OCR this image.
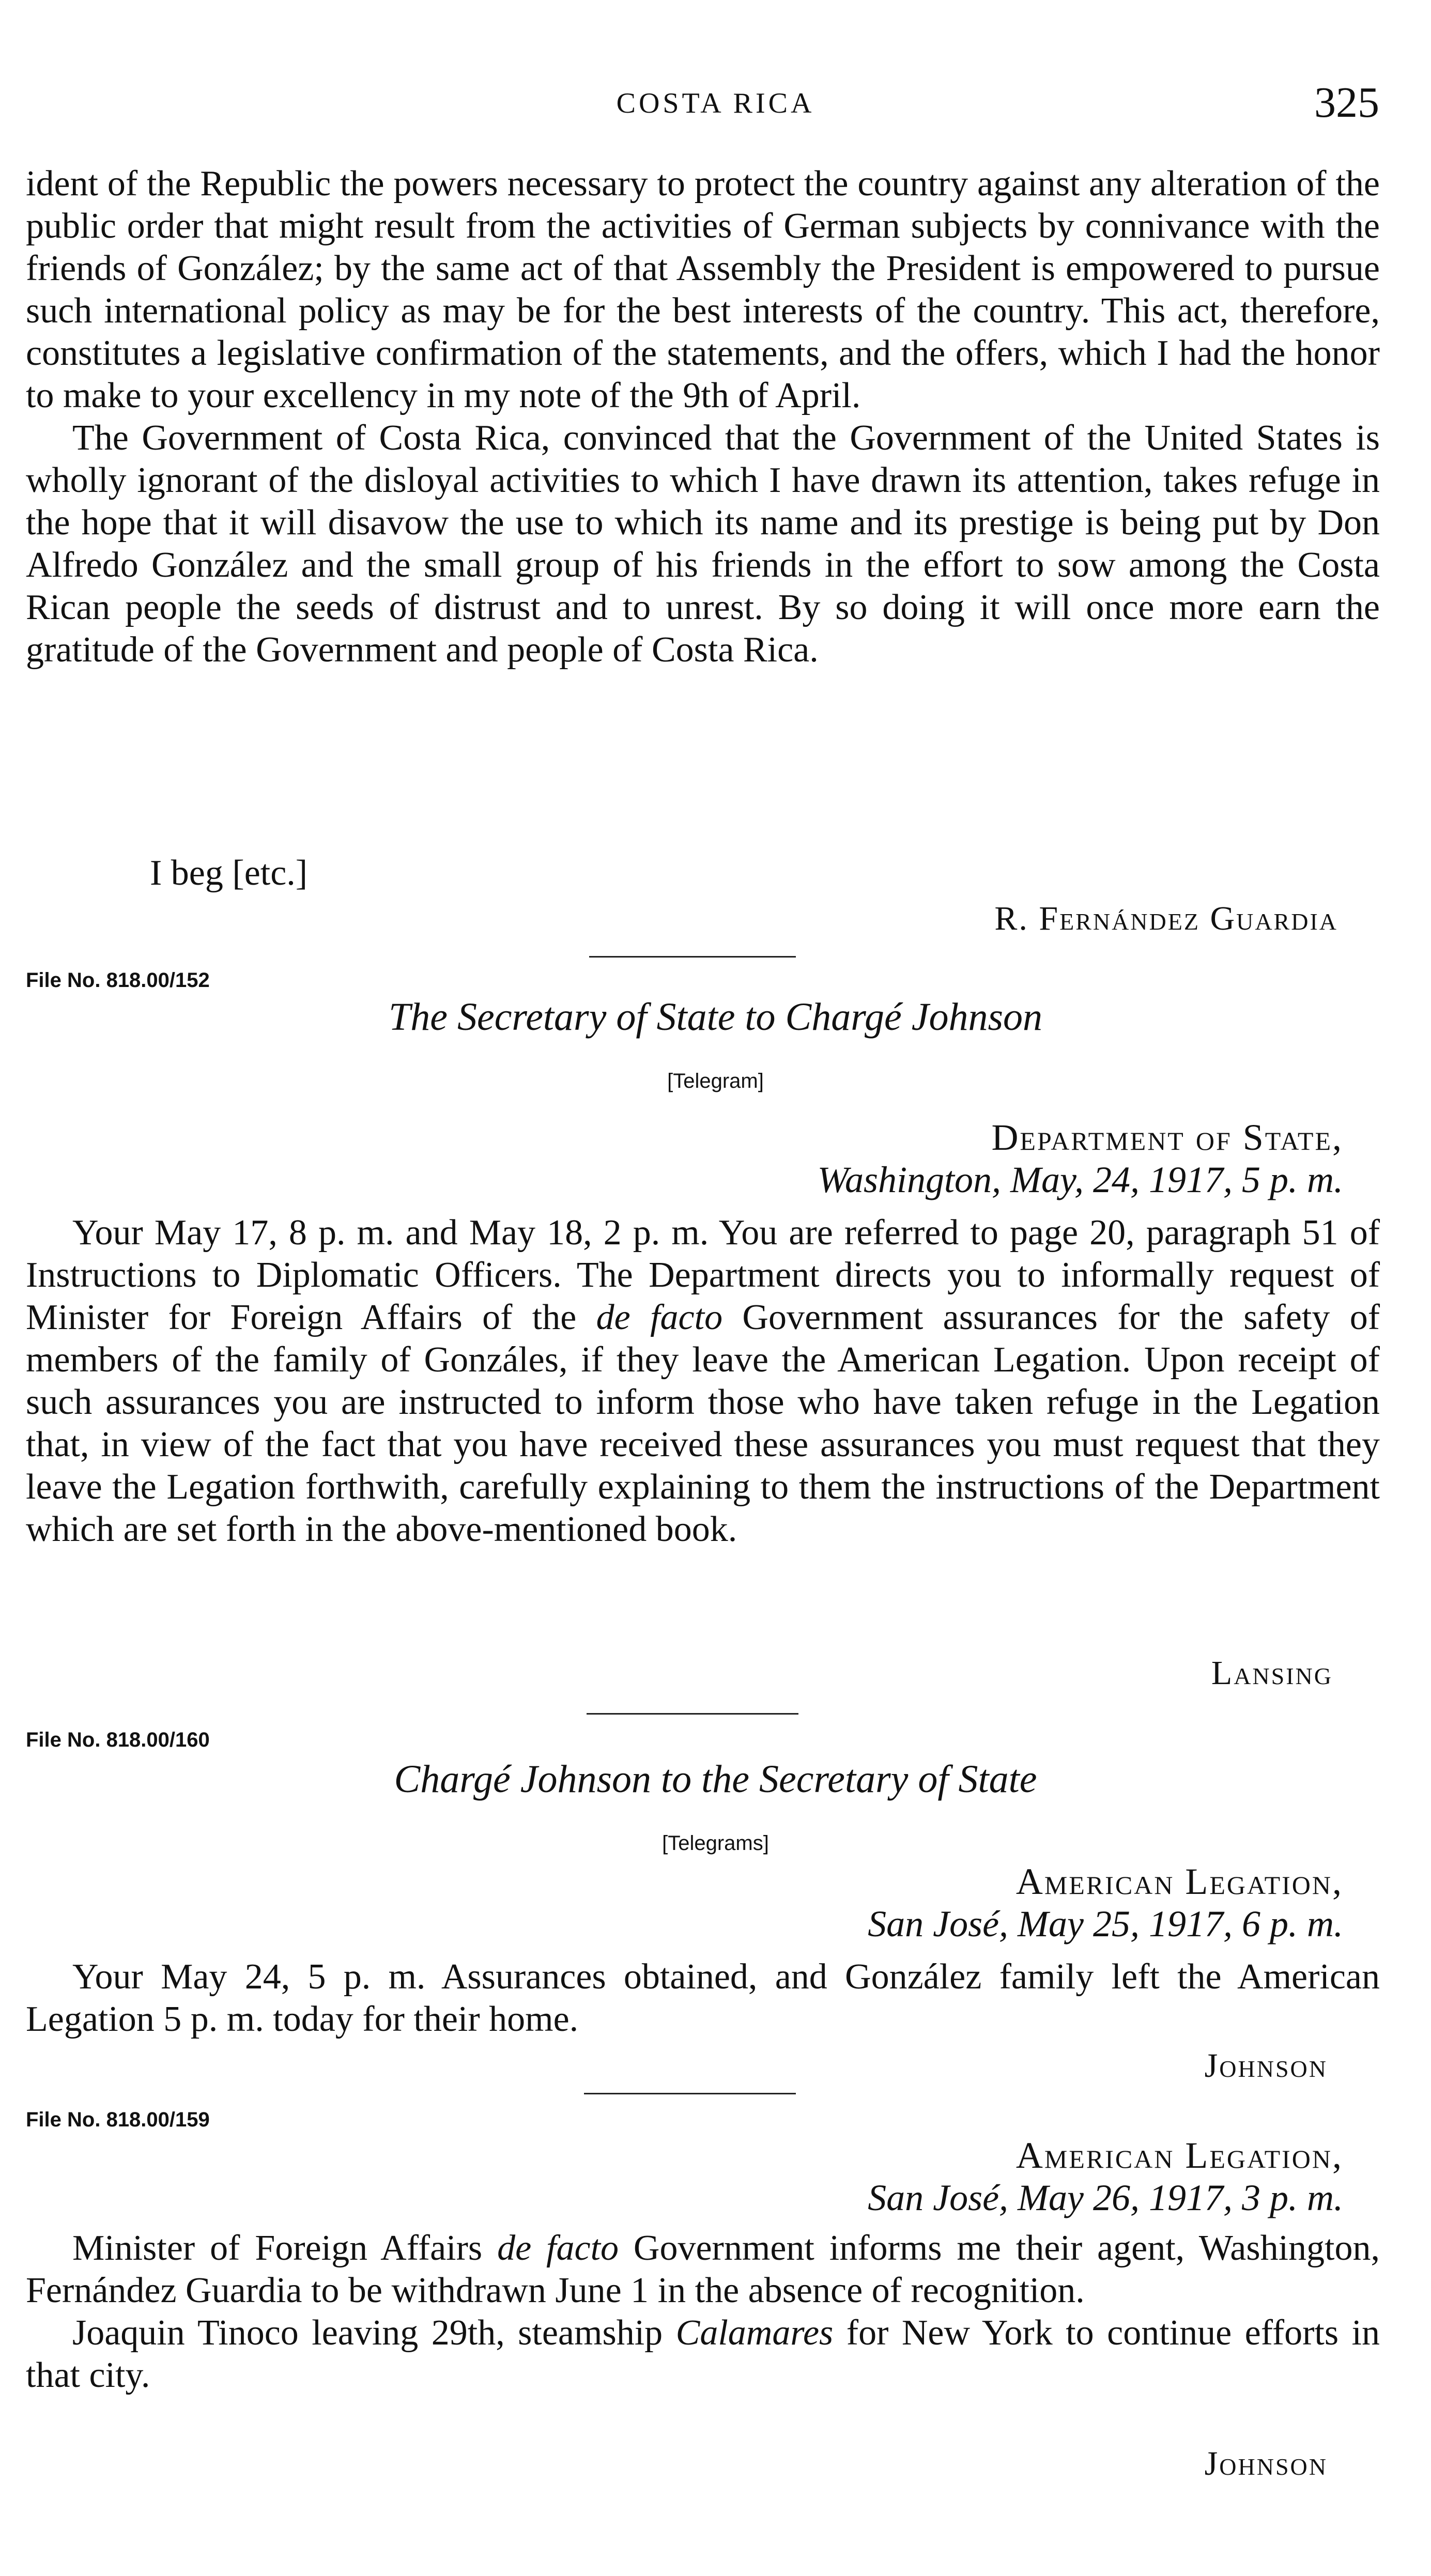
COSTA RICA	325

ident of the Republic the powers necessary to protect the country against any alteration of the public order that might result from the activities of German subjects by connivance with the friends of González; by the same act of that Assembly the President is empowered to pursue such international policy as may be for the best interests of the country. This act, therefore, constitutes a legislative confirmation of the statements, and the offers, which I had the honor to make to your excellency in my note of the 9th of April.

The Government of Costa Rica, convinced that the Government of the United States is wholly ignorant of the disloyal activities to which I have drawn its attention, takes refuge in the hope that it will disavow the use to which its name and its prestige is being put by Don Alfredo González and the small group of his friends in the effort to sow among the Costa Rican people the seeds of distrust and to unrest. By so doing it will once more earn the gratitude of the Government and people of Costa Rica.

I beg [etc.]
R. Fernández Guardia
File No. 818.00/152
The Secretary of State to Chargé Johnson
[Telegram]
Department of State,
Washington, May, 24, 1917, 5 p. m.
Your May 17, 8 p. m. and May 18, 2 p. m. You are referred to page 20, paragraph 51 of Instructions to Diplomatic Officers. The Department directs you to informally request of Minister for Foreign Affairs of the de facto Government assurances for the safety of members of the family of Gonzáles, if they leave the American Legation. Upon receipt of such assurances you are instructed to inform those who have taken refuge in the Legation that, in view of the fact that you have received these assurances you must request that they leave the Legation forthwith, carefully explaining to them the instructions of the Department which are set forth in the above-mentioned book.
Lansing
File No. 818.00/160
Chargé Johnson to the Secretary of State
[Telegrams]
American Legation,
San José, May 25, 1917, 6 p. m.
Your May 24, 5 p. m. Assurances obtained, and González family left the American Legation 5 p. m. today for their home.
Johnson
File No. 818.00/159
American Legation,
San José, May 26, 1917, 3 p. m.

Minister of Foreign Affairs de facto Government informs me their agent, Washington, Fernández Guardia to be withdrawn June 1 in the absence of recognition.

Joaquin Tinoco leaving 29th, steamship Calamares for New York to continue efforts in that city.

Johnson
